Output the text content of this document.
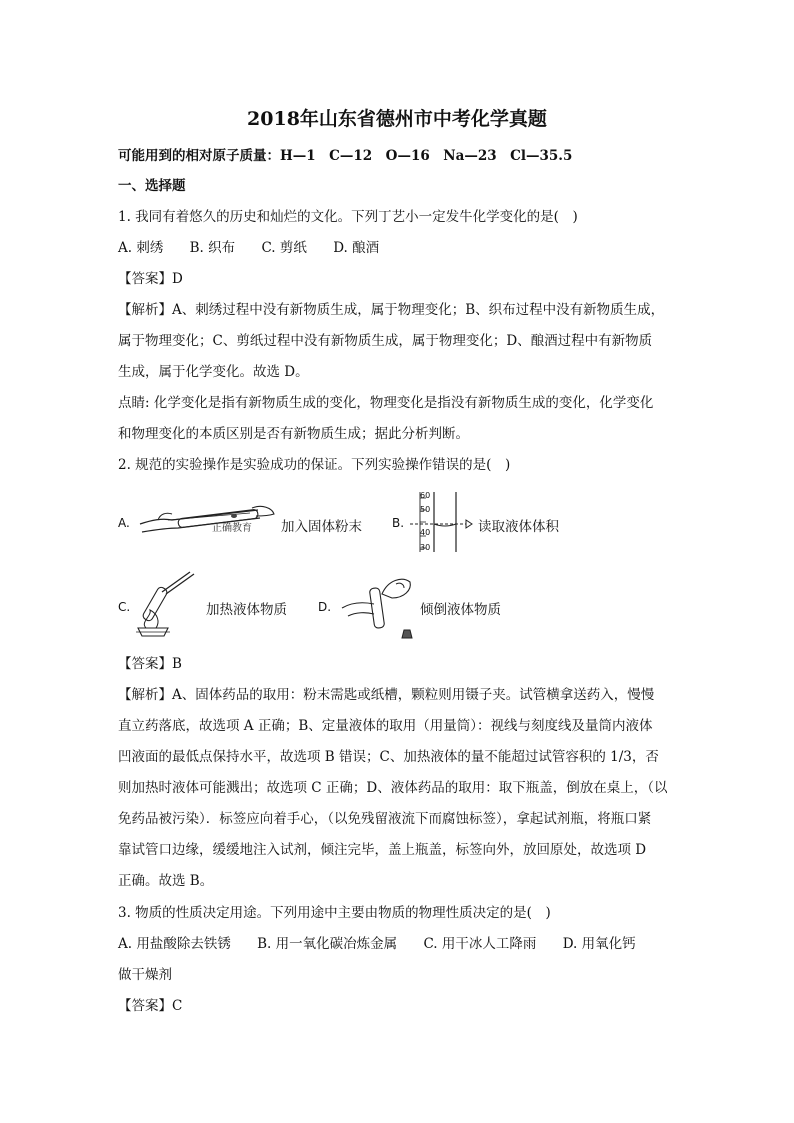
2018年山东省德州市中考化学真题
可能用到的相对原子质量：H—1　C—12　O—16　Na—23　Cl—35.5
一、选择题
1. 我同有着悠久的历史和灿烂的文化。下列丁艺小一定发牛化学变化的是(　)
A. 刺绣 B. 织布 C. 剪纸 D. 酿酒
【答案】D
【解析】A、刺绣过程中没有新物质生成，属于物理变化；B、织布过程中没有新物质生成，
属于物理变化；C、剪纸过程中没有新物质生成，属于物理变化；D、酿酒过程中有新物质
生成，属于化学变化。故选 D。
点睛: 化学变化是指有新物质生成的变化，物理变化是指没有新物质生成的变化，化学变化
和物理变化的本质区别是否有新物质生成；据此分析判断。
2. 规范的实验操作是实验成功的保证。下列实验操作错误的是(　)
A.	正确教育 加入固体粉末	B.
60
50
40
30
读取液体体积
C.	加热液体物质	D.	倾倒液体物质
【答案】B
【解析】A、固体药品的取用：粉末需匙或纸槽，颗粒则用镊子夹。试管横拿送药入，慢慢
直立药落底，故选项 A 正确；B、定量液体的取用（用量筒）：视线与刻度线及量筒内液体
凹液面的最低点保持水平，故选项 B 错误；C、加热液体的量不能超过试管容积的 1/3，否
则加热时液体可能溅出；故选项 C 正确；D、液体药品的取用：取下瓶盖，倒放在桌上，（以
免药品被污染）．标签应向着手心，（以免残留液流下而腐蚀标签），拿起试剂瓶，将瓶口紧
靠试管口边缘，缓缓地注入试剂，倾注完毕，盖上瓶盖，标签向外，放回原处，故选项 D
正确。故选 B。
3. 物质的性质决定用途。下列用途中主要由物质的物理性质决定的是(　)
A. 用盐酸除去铁锈 B. 用一氧化碳冶炼金属 C. 用干冰人工降雨 D. 用氧化钙
做干燥剂
【答案】C
